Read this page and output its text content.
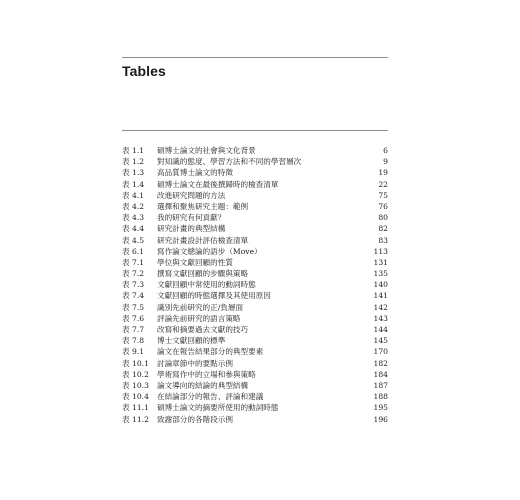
Tables
表 1.1	碩博士論文的社會與文化背景	6
表 1.2	對知識的態度、學習方法和不同的學習層次	9
表 1.3	高品質博士論文的特徵	19
表 1.4	碩博士論文在最後撰歸時的檢查清單	22
表 4.1	改進研究問題的方法	75
表 4.2	選擇和聚焦研究主題：範例	76
表 4.3	我的研究有何貢獻？	80
表 4.4	研究計畫的典型結構	82
表 4.5	研究計畫設計評估檢查清單	83
表 6.1	寫作論文總論的語步（Move）	113
表 7.1	學位與文獻回顧的性質	131
表 7.2	撰寫文獻回顧的步驟與策略	135
表 7.3	文獻回顧中常使用的動詞時態	140
表 7.4	文獻回顧的時態選擇及其使用原因	141
表 7.5	識別先前研究的正/負層面	142
表 7.6	評論先前研究的語言策略	143
表 7.7	改寫和摘要過去文獻的技巧	144
表 7.8	博士文獻回顧的標準	145
表 9.1	論文在報告結果部分的典型要素	170
表 10.1	討論章節中的要點示例	182
表 10.2	學術寫作中的立場和參與策略	184
表 10.3	論文導向的結論的典型結構	187
表 10.4	在結論部分的報告、評論和建議	188
表 11.1	碩博士論文的摘要所使用的動詞時態	195
表 11.2	致謝部分的各階段示例	196
